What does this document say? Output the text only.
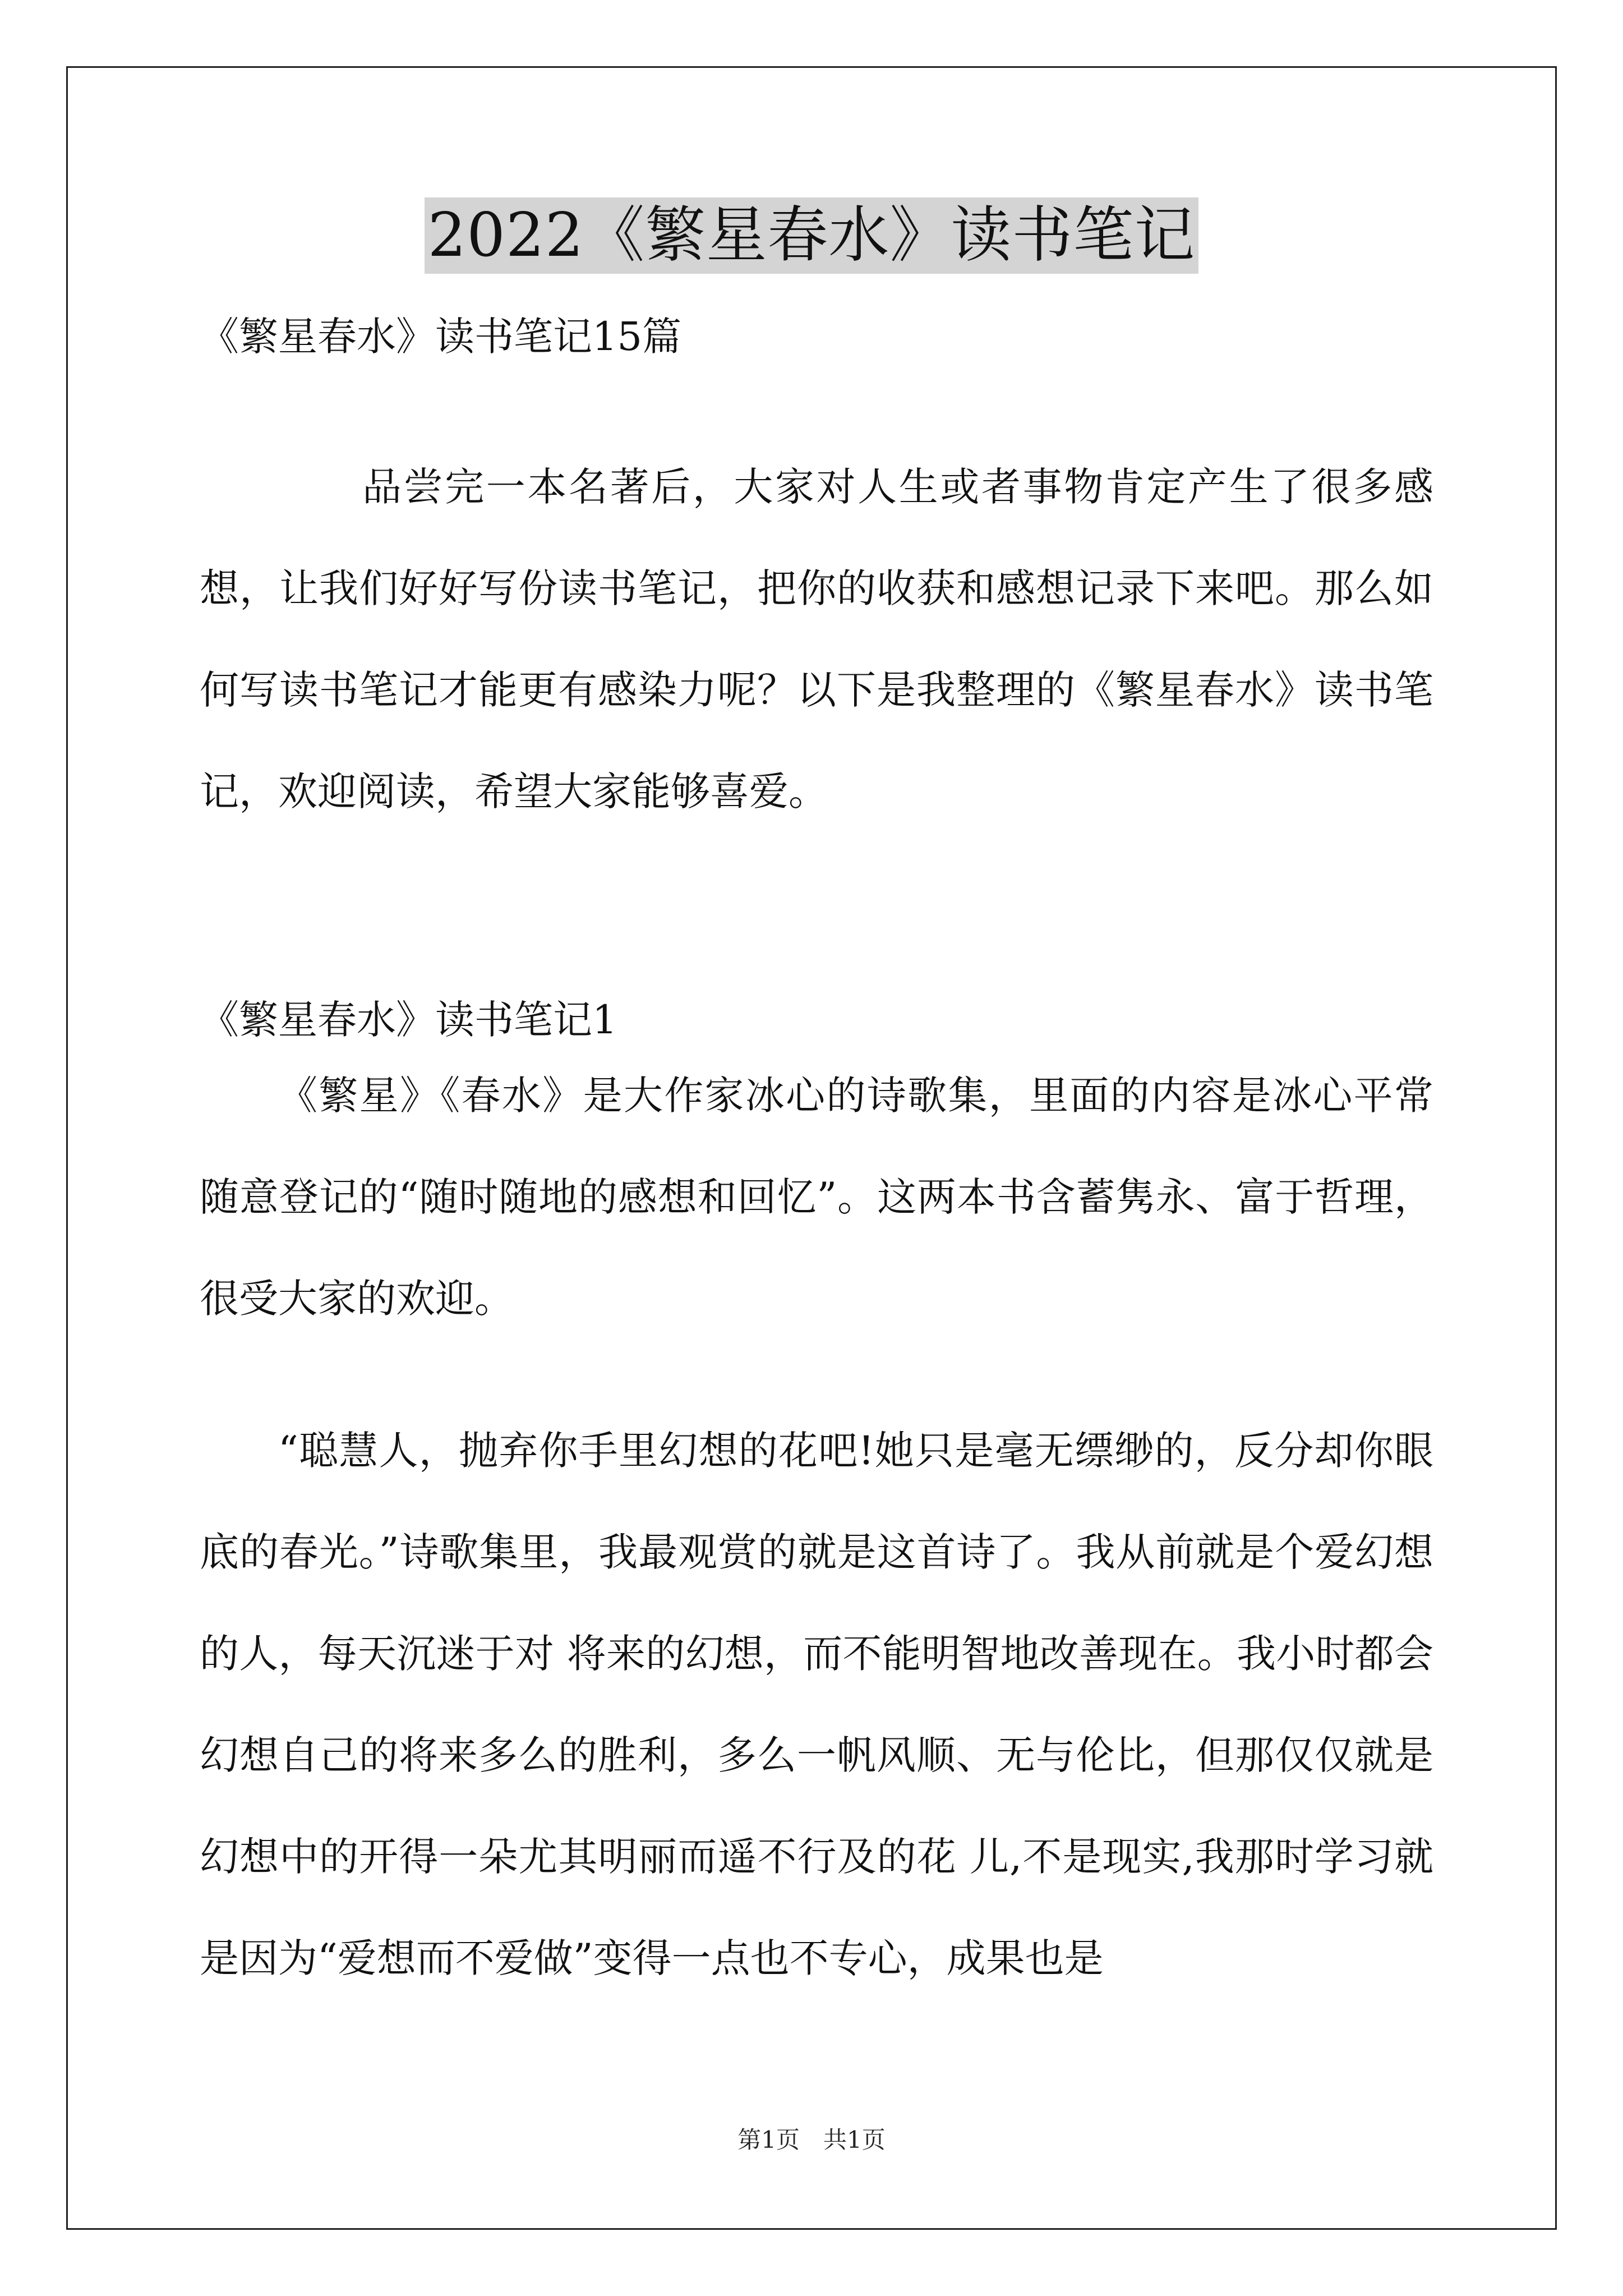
2022《繁星春水》读书笔记
《繁星春水》读书笔记15篇
品尝完一本名著后，大家对人生或者事物肯定产生了很多感想，让我们好好写份读书笔记，把你的收获和感想记录下来吧。那么如何写读书笔记才能更有感染力呢？以下是我整理的《繁星春水》读书笔记，欢迎阅读，希望大家能够喜爱。
《繁星春水》读书笔记1
《繁星》《春水》是大作家冰心的诗歌集，里面的内容是冰心平常随意登记的“随时随地的感想和回忆”。这两本书含蓄隽永、富于哲理，很受大家的欢迎。
“聪慧人，抛弃你手里幻想的花吧!她只是毫无缥缈的，反分却你眼底的春光。”诗歌集里，我最观赏的就是这首诗了。我从前就是个爱幻想的人，每天沉迷于对 将来的幻想，而不能明智地改善现在。我小时都会幻想自己的将来多么的胜利，多么一帆风顺、无与伦比，但那仅仅就是幻想中的开得一朵尤其明丽而遥不行及的花 儿,不是现实,我那时学习就是因为“爱想而不爱做”变得一点也不专心，成果也是
第1页　共1页
